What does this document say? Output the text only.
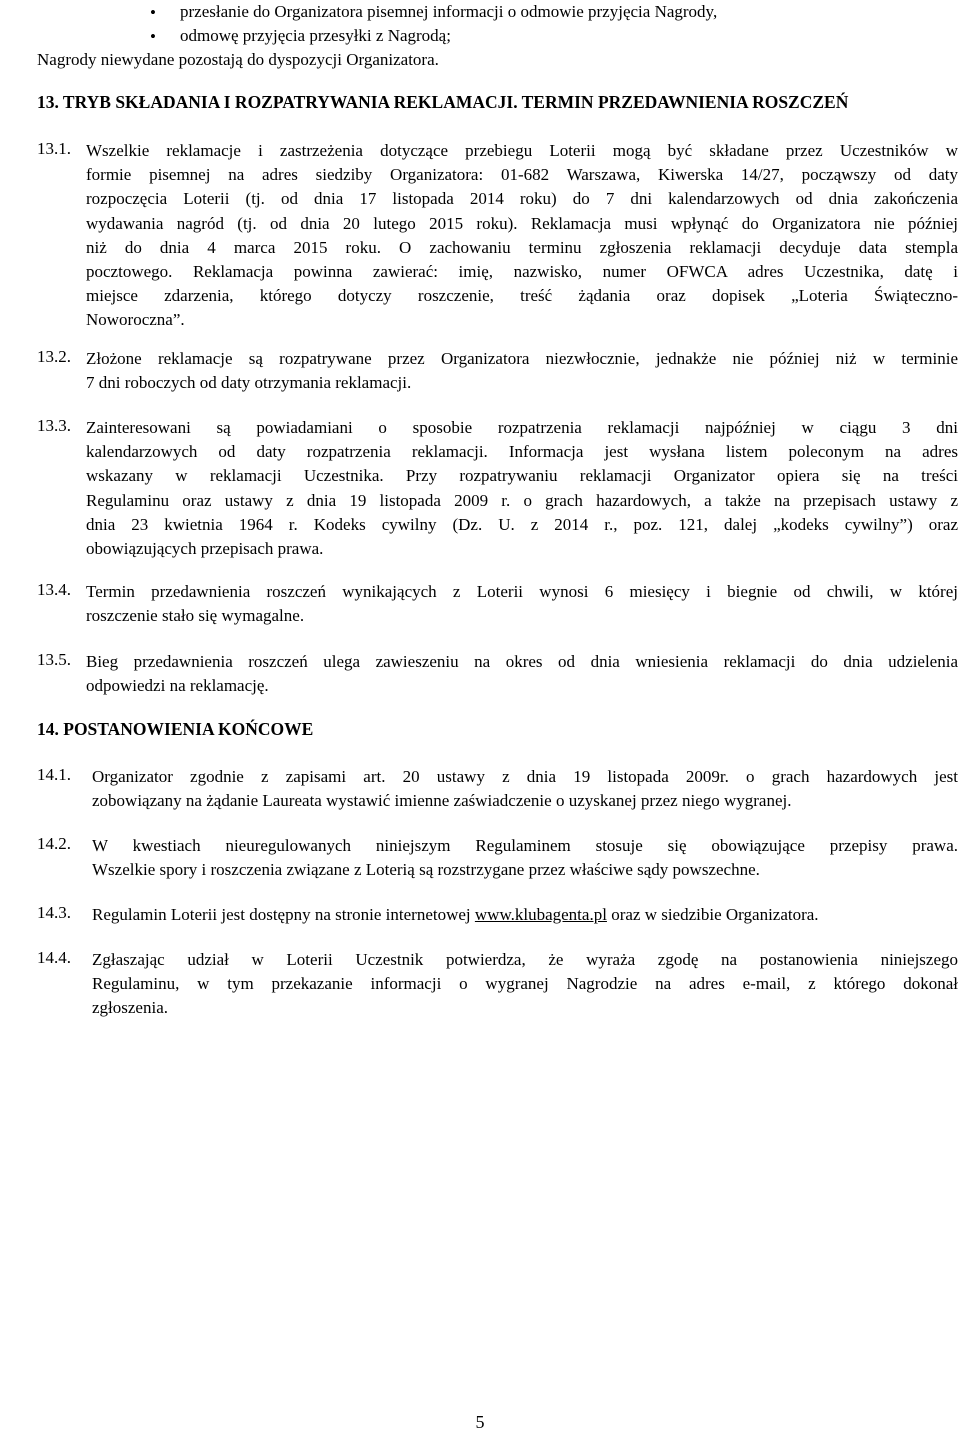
• przesłanie do Organizatora pisemnej informacji o odmowie przyjęcia Nagrody,
• odmowę przyjęcia przesyłki z Nagrodą;
Nagrody niewydane pozostają do dyspozycji Organizatora.
13. TRYB SKŁADANIA I ROZPATRYWANIA REKLAMACJI. TERMIN PRZEDAWNIENIA ROSZCZEŃ
13.1. Wszelkie reklamacje i zastrzeżenia dotyczące przebiegu Loterii mogą być składane przez Uczestników w
formie pisemnej na adres siedziby Organizatora: 01-682 Warszawa, Kiwerska 14/27, począwszy od daty
rozpoczęcia Loterii (tj. od dnia 17 listopada 2014 roku) do 7 dni kalendarzowych od dnia zakończenia
wydawania nagród (tj. od dnia 20 lutego 2015 roku). Reklamacja musi wpłynąć do Organizatora nie później
niż do dnia 4 marca 2015 roku. O zachowaniu terminu zgłoszenia reklamacji decyduje data stempla
pocztowego. Reklamacja powinna zawierać: imię, nazwisko, numer OFWCA adres Uczestnika, datę i
miejsce zdarzenia, którego dotyczy roszczenie, treść żądania oraz dopisek „Loteria Świąteczno-
Noworoczna”.
13.2. Złożone reklamacje są rozpatrywane przez Organizatora niezwłocznie, jednakże nie później niż w terminie
7 dni roboczych od daty otrzymania reklamacji.
13.3. Zainteresowani są powiadamiani o sposobie rozpatrzenia reklamacji najpóźniej w ciągu 3 dni
kalendarzowych od daty rozpatrzenia reklamacji. Informacja jest wysłana listem poleconym na adres
wskazany w reklamacji Uczestnika. Przy rozpatrywaniu reklamacji Organizator opiera się na treści
Regulaminu oraz ustawy z dnia 19 listopada 2009 r. o grach hazardowych, a także na przepisach ustawy z
dnia 23 kwietnia 1964 r. Kodeks cywilny (Dz. U. z 2014 r., poz. 121, dalej „kodeks cywilny”) oraz
obowiązujących przepisach prawa.
13.4. Termin przedawnienia roszczeń wynikających z Loterii wynosi 6 miesięcy i biegnie od chwili, w której
roszczenie stało się wymagalne.
13.5. Bieg przedawnienia roszczeń ulega zawieszeniu na okres od dnia wniesienia reklamacji do dnia udzielenia
odpowiedzi na reklamację.
14. POSTANOWIENIA KOŃCOWE
14.1. Organizator zgodnie z zapisami art. 20 ustawy z dnia 19 listopada 2009r. o grach hazardowych jest
zobowiązany na żądanie Laureata wystawić imienne zaświadczenie o uzyskanej przez niego wygranej.
14.2. W kwestiach nieuregulowanych niniejszym Regulaminem stosuje się obowiązujące przepisy prawa.
Wszelkie spory i roszczenia związane z Loterią są rozstrzygane przez właściwe sądy powszechne.
14.3. Regulamin Loterii jest dostępny na stronie internetowej www.klubagenta.pl oraz w siedzibie Organizatora.
14.4. Zgłaszając udział w Loterii Uczestnik potwierdza, że wyraża zgodę na postanowienia niniejszego
Regulaminu, w tym przekazanie informacji o wygranej Nagrodzie na adres e-mail, z którego dokonał
zgłoszenia.
5
